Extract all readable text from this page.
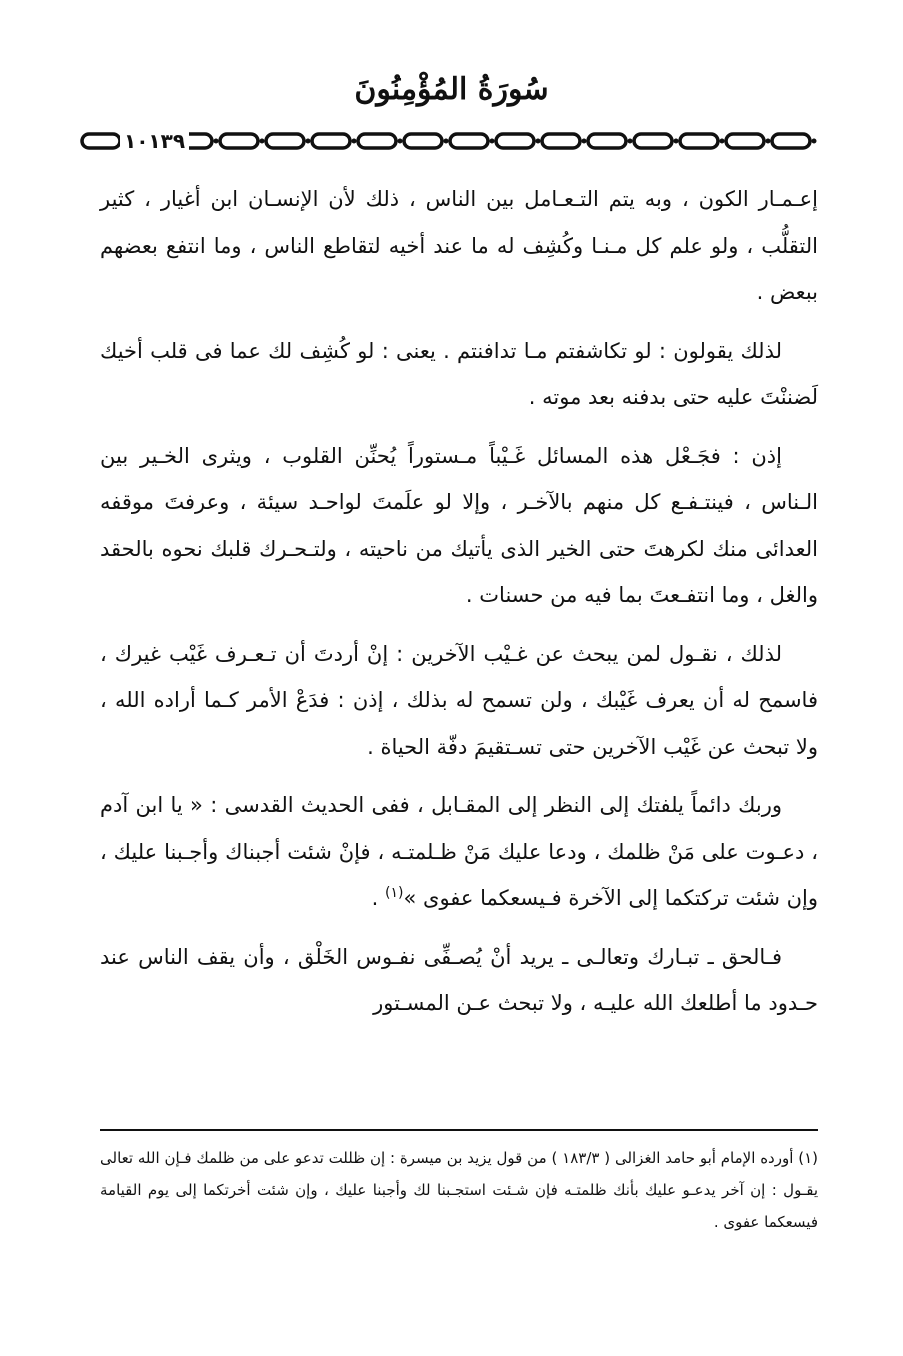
سُورَةُ المُؤْمِنُونَ
١٠١٣٩

إعـمـار الكون ، وبه يتم التـعـامل بين الناس ، ذلك لأن الإنسـان ابن أغيار ، كثير التقلُّب ، ولو علم كل مـنـا وكُشِف له ما عند أخيه لتقاطع الناس ، وما انتفع بعضهم ببعض .

لذلك يقولون : لو تكاشفتم مـا تدافنتم . يعنى : لو كُشِف لك عما فى قلب أخيك لَضننْتَ عليه حتى بدفنه بعد موته .

إذن : فجَـعْل هذه المسائل غَـيْباً مـستوراً يُحنِّن القلوب ، ويثرى الخـير بين الـناس ، فينتـفـع كل منهم بالآخـر ، وإلا لو علَمتَ لواحـد سيئة ، وعرفتَ موقفه العدائى منك لكرهتَ حتى الخير الذى يأتيك من ناحيته ، ولتـحـرك قلبك نحوه بالحقد والغل ، وما انتفـعتَ بما فيه من حسنات .

لذلك ، نقـول لمن يبحث عن غـيْب الآخرين : إنْ أردتَ أن تـعـرف غَيْب غيرك ، فاسمح له أن يعرف غَيْبك ، ولن تسمح له بذلك ، إذن : فدَعْ الأمر كـما أراده الله ، ولا تبحث عن غَيْب الآخرين حتى تسـتقيمَ دفّة الحياة .

وربك دائماً يلفتك إلى النظر إلى المقـابل ، ففى الحديث القدسى : « يا ابن آدم ، دعـوت على مَنْ ظلمك ، ودعا عليك مَنْ ظـلمتـه ، فإنْ شئت أجبناك وأجـبنا عليك ، وإن شئت تركتكما إلى الآخرة فـيسعكما عفوى »$^{(١)}$ .

فـالحق ـ تبـارك وتعالـى ـ يريد أنْ يُصـفِّى نفـوس الخَلْق ، وأن يقف الناس عند حـدود ما أطلعك الله عليـه ، ولا تبحث عـن المسـتور

(١) أورده الإمام أبو حامد الغزالى ( ١٨٣/٣ ) من قول يزيد بن ميسرة : إن ظللت تدعو على من ظلمك فـإن الله تعالى يقـول : إن آخر يدعـو عليك بأنك ظلمتـه فإن شـئت استجـبنا لك وأجبنا عليك ، وإن شئت أخرتكما إلى يوم القيامة فيسعكما عفوى .
